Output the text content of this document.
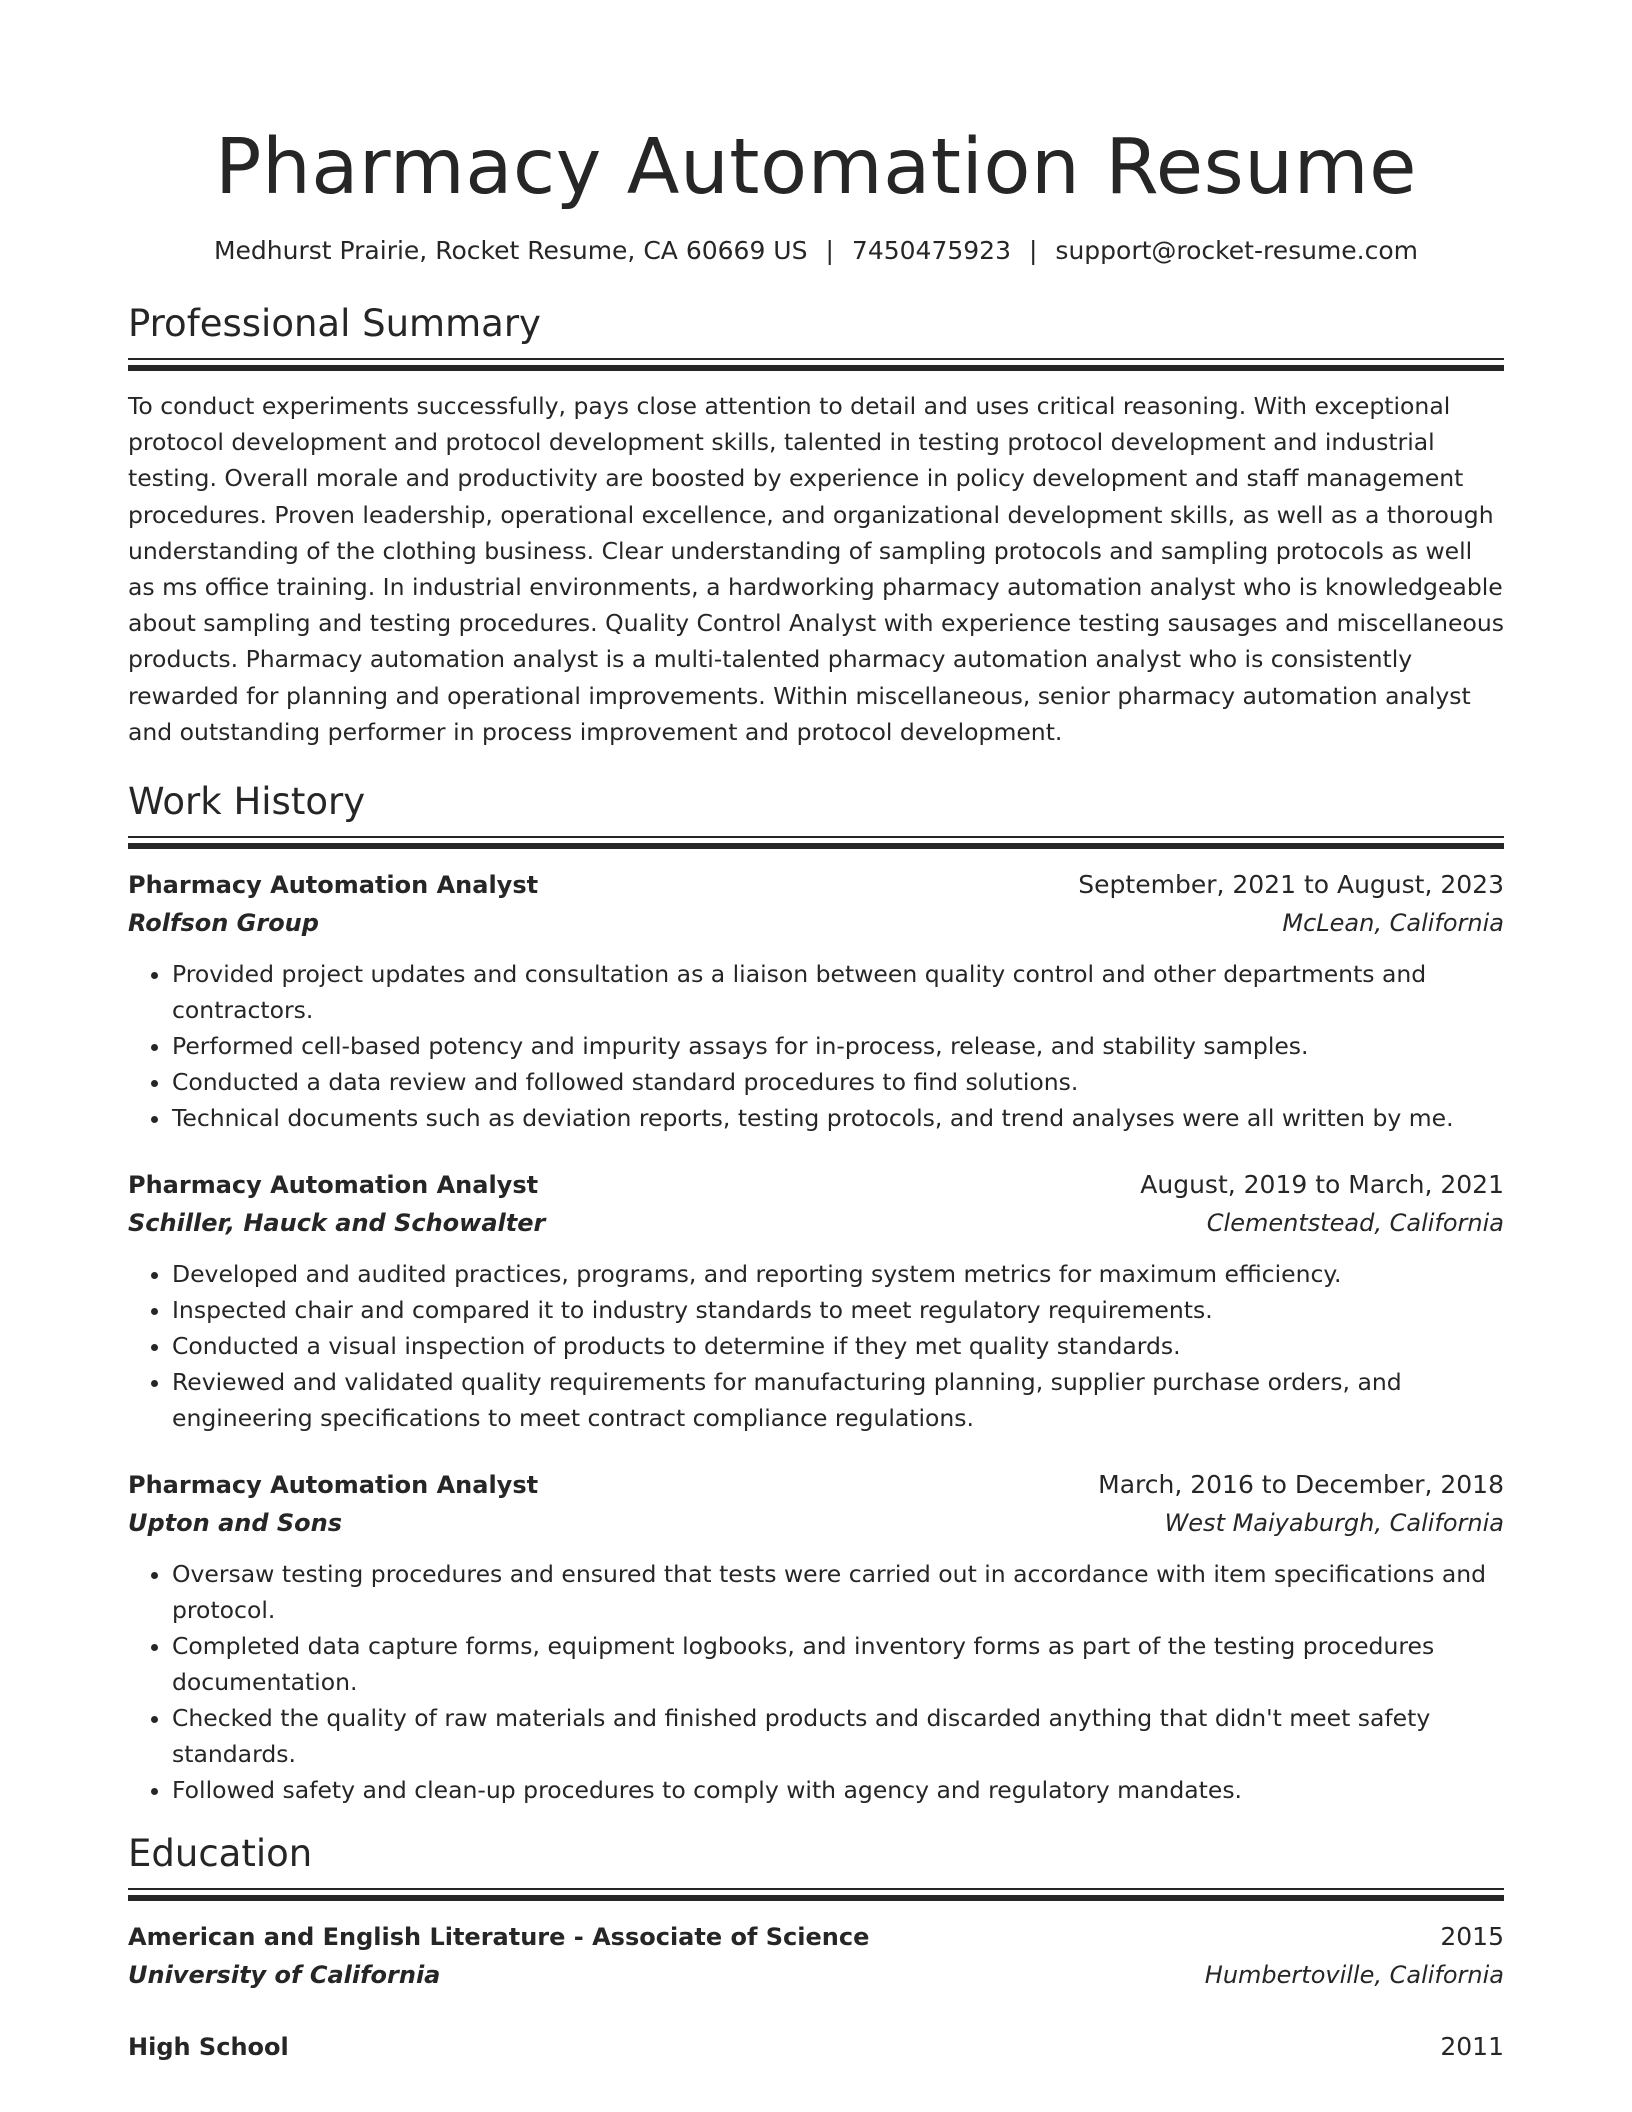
Pharmacy Automation Resume
Medhurst Prairie, Rocket Resume, CA 60669 US | 7450475923 | support@rocket-resume.com
Professional Summary

To conduct experiments successfully, pays close attention to detail and uses critical reasoning. With exceptional protocol development and protocol development skills, talented in testing protocol development and industrial testing. Overall morale and productivity are boosted by experience in policy development and staff management procedures. Proven leadership, operational excellence, and organizational development skills, as well as a thorough understanding of the clothing business. Clear understanding of sampling protocols and sampling protocols as well as ms office training. In industrial environments, a hardworking pharmacy automation analyst who is knowledgeable about sampling and testing procedures. Quality Control Analyst with experience testing sausages and miscellaneous products. Pharmacy automation analyst is a multi-talented pharmacy automation analyst who is consistently rewarded for planning and operational improvements. Within miscellaneous, senior pharmacy automation analyst and outstanding performer in process improvement and protocol development.

Work History
Pharmacy Automation Analyst	September, 2021 to August, 2023
Rolfson Group	McLean, California
• Provided project updates and consultation as a liaison between quality control and other departments and contractors.
• Performed cell-based potency and impurity assays for in-process, release, and stability samples.
• Conducted a data review and followed standard procedures to find solutions.
• Technical documents such as deviation reports, testing protocols, and trend analyses were all written by me.
Pharmacy Automation Analyst	August, 2019 to March, 2021
Schiller, Hauck and Schowalter	Clementstead, California
• Developed and audited practices, programs, and reporting system metrics for maximum efficiency.
• Inspected chair and compared it to industry standards to meet regulatory requirements.
• Conducted a visual inspection of products to determine if they met quality standards.
• Reviewed and validated quality requirements for manufacturing planning, supplier purchase orders, and engineering specifications to meet contract compliance regulations.
Pharmacy Automation Analyst	March, 2016 to December, 2018
Upton and Sons	West Maiyaburgh, California
• Oversaw testing procedures and ensured that tests were carried out in accordance with item specifications and protocol.
• Completed data capture forms, equipment logbooks, and inventory forms as part of the testing procedures documentation.
• Checked the quality of raw materials and finished products and discarded anything that didn't meet safety standards.
• Followed safety and clean-up procedures to comply with agency and regulatory mandates.
Education
American and English Literature - Associate of Science	2015
University of California	Humbertoville, California
High School	2011
